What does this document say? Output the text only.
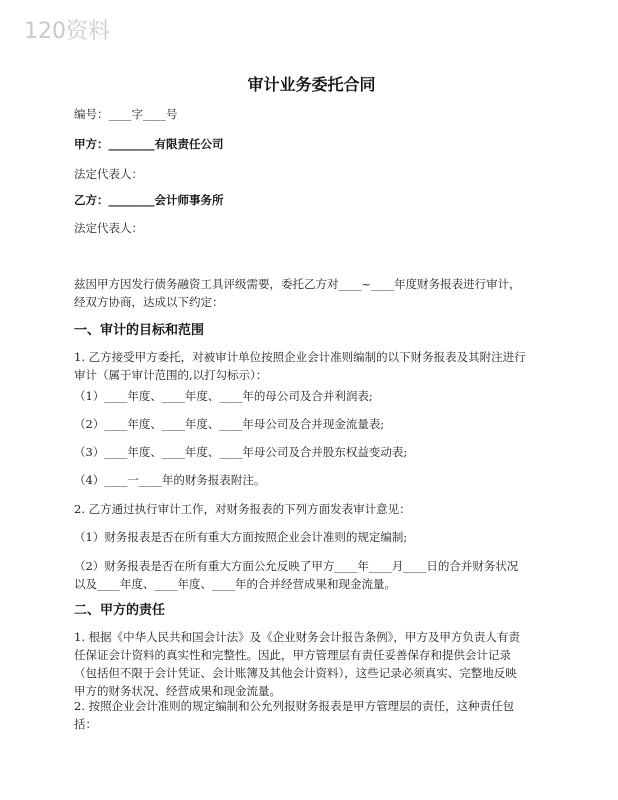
120资料
审计业务委托合同
编号：____字____号
甲方：________有限责任公司
法定代表人：
乙方：________会计师事务所
法定代表人：
兹因甲方因发行债务融资工具评级需要，委托乙方对____~____年度财务报表进行审计，
经双方协商，达成以下约定：
一、审计的目标和范围
1. 乙方接受甲方委托，对被审计单位按照企业会计准则编制的以下财务报表及其附注进行
审计（属于审计范围的,以打勾标示）：
（1）____年度、____年度、____年的母公司及合并利润表;
（2）____年度、____年度、____年母公司及合并现金流量表;
（3）____年度、____年度、____年母公司及合并股东权益变动表;
（4）____一____年的财务报表附注。
2. 乙方通过执行审计工作，对财务报表的下列方面发表审计意见：
（1）财务报表是否在所有重大方面按照企业会计准则的规定编制;
（2）财务报表是否在所有重大方面公允反映了甲方____年____月____日的合并财务状况
以及____年度、____年度、____年的合并经营成果和现金流量。
二、甲方的责任
1. 根据《中华人民共和国会计法》及《企业财务会计报告条例》，甲方及甲方负责人有责
任保证会计资料的真实性和完整性。因此，甲方管理层有责任妥善保存和提供会计记录
（包括但不限于会计凭证、会计账簿及其他会计资料），这些记录必须真实、完整地反映
甲方的财务状况、经营成果和现金流量。
2. 按照企业会计准则的规定编制和公允列报财务报表是甲方管理层的责任，这种责任包
括：
